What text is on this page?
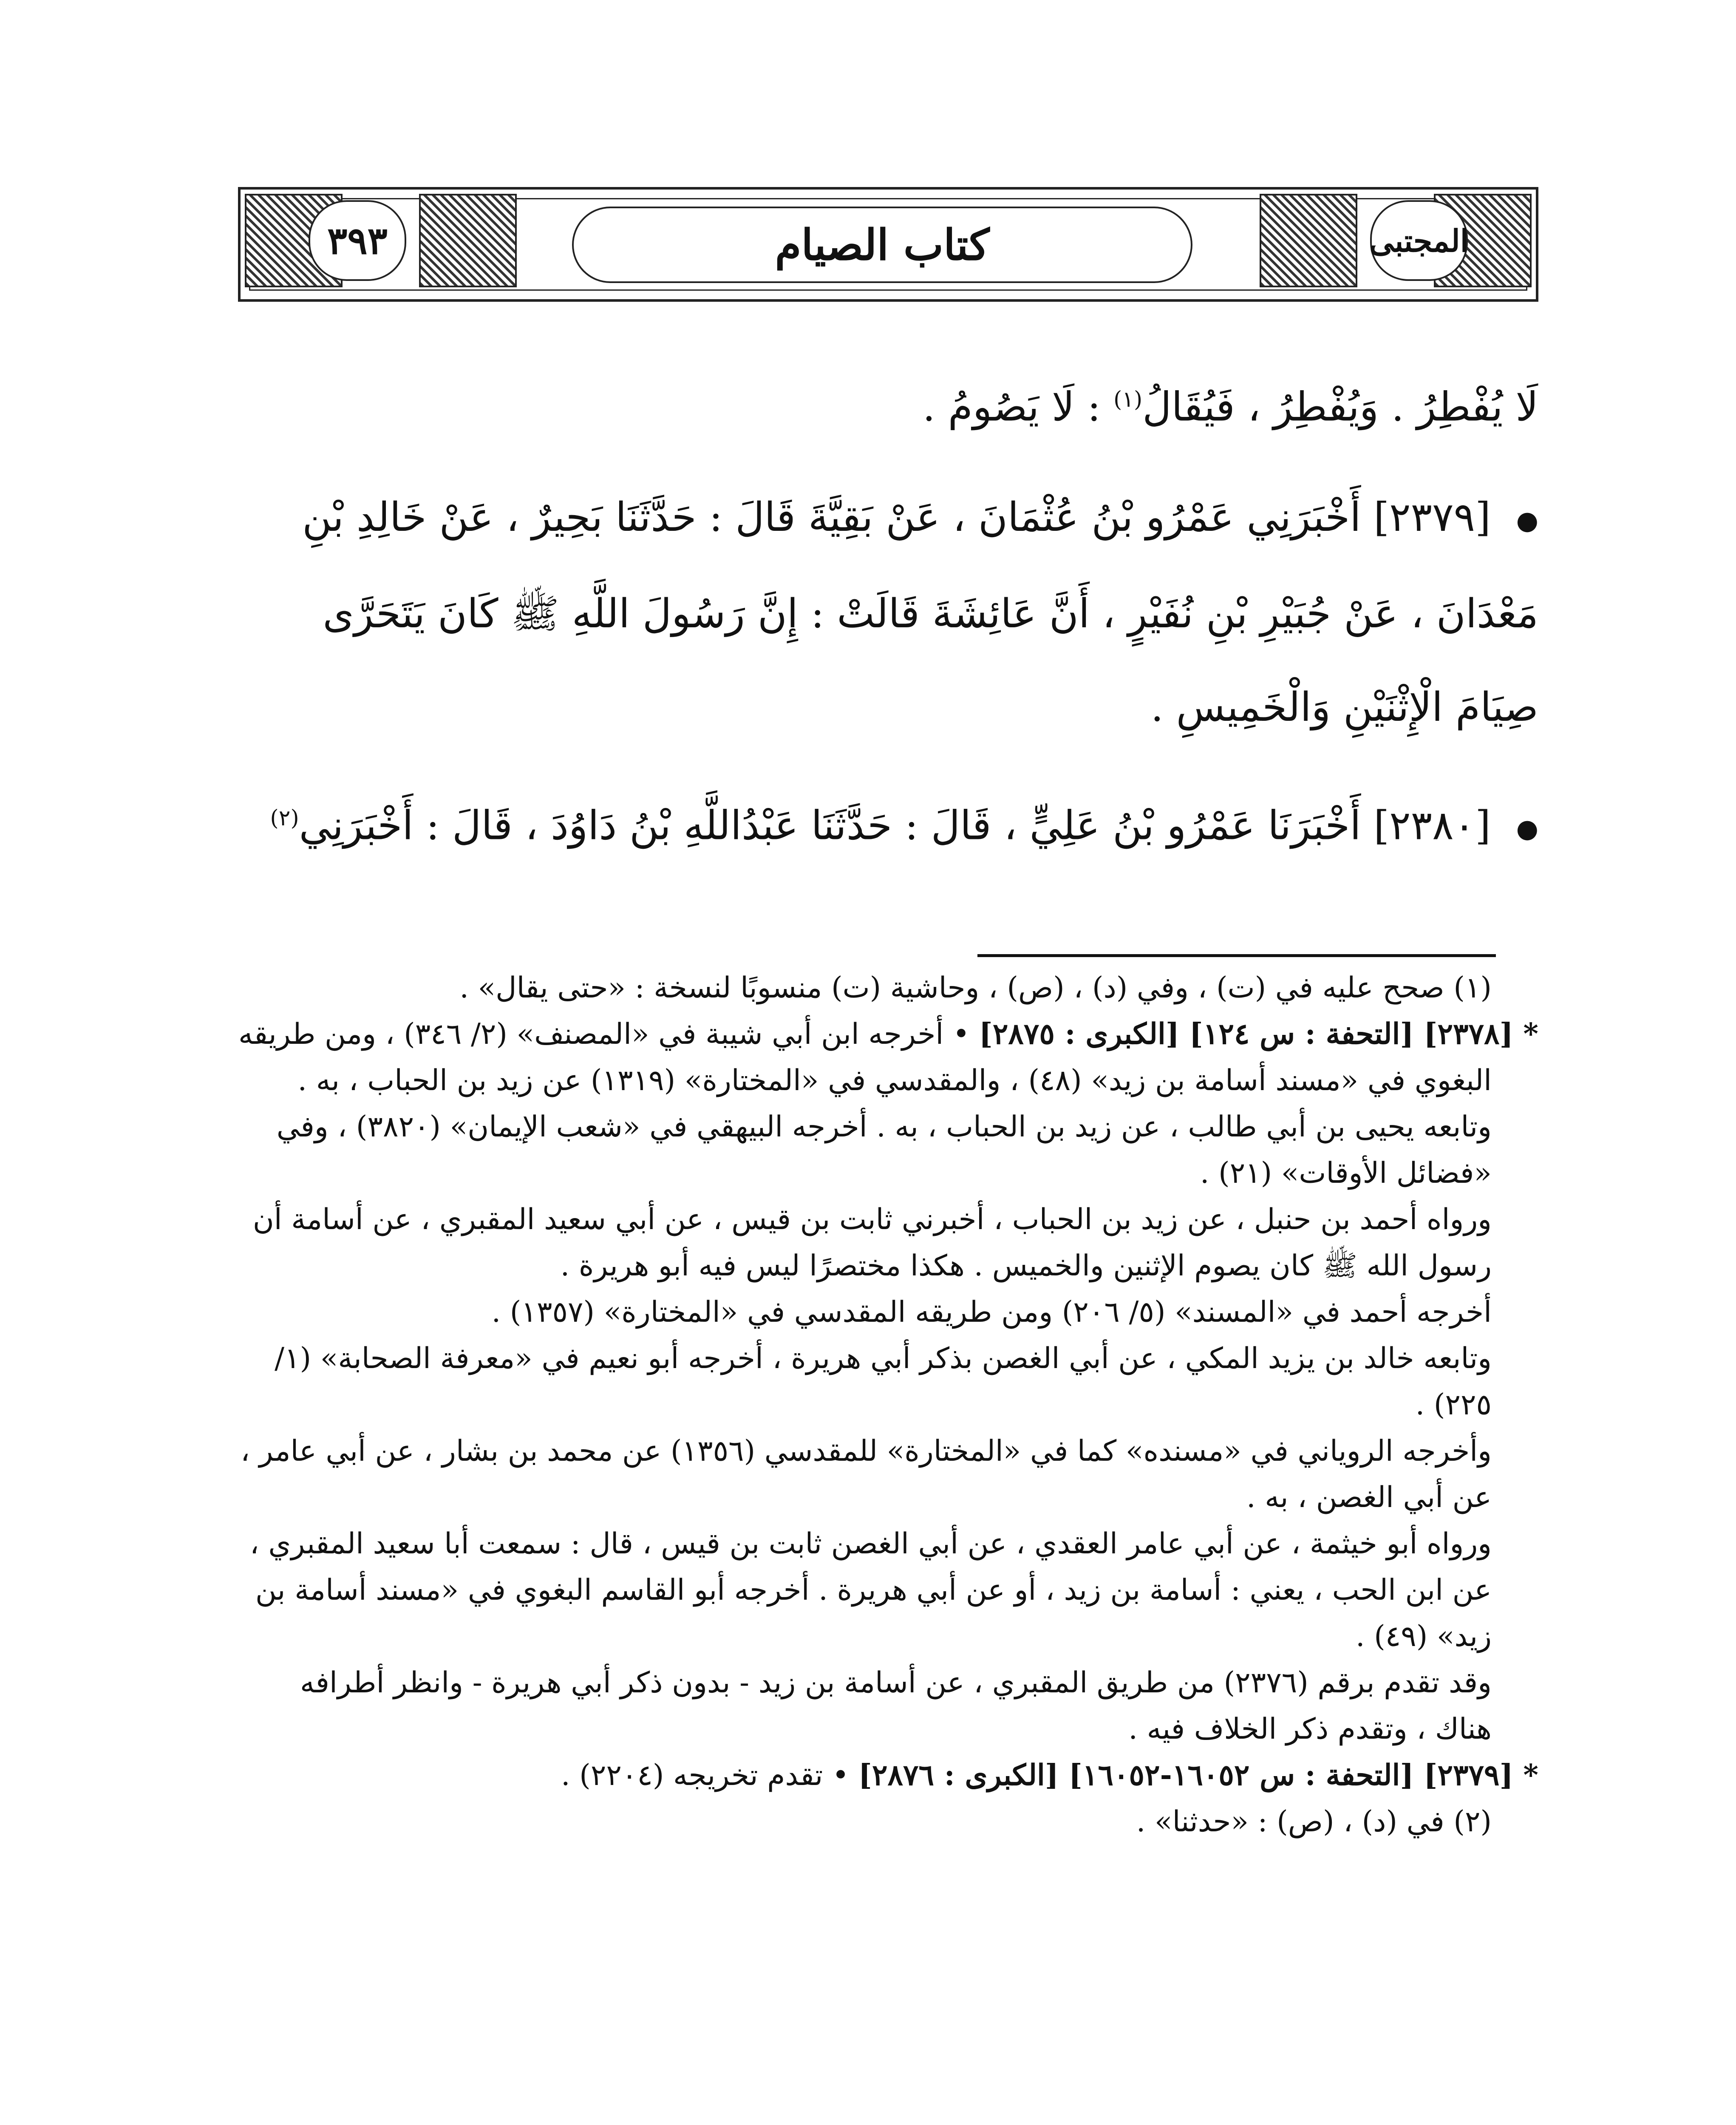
٣٩٣	المجتبى
كتاب الصيام

لَا يُفْطِرُ . وَيُفْطِرُ ، فَيُقَالُ$^{(١)}$ : لَا يَصُومُ .

● [٢٣٧٩] أَخْبَرَنِي عَمْرُو بْنُ عُثْمَانَ ، عَنْ بَقِيَّةَ قَالَ : حَدَّثَنَا بَحِيرٌ ، عَنْ خَالِدِ بْنِ مَعْدَانَ ، عَنْ جُبَيْرِ بْنِ نُفَيْرٍ ، أَنَّ عَائِشَةَ قَالَتْ : إِنَّ رَسُولَ اللَّهِ ﷺ كَانَ يَتَحَرَّى صِيَامَ الْإِثْنَيْنِ وَالْخَمِيسِ .

● [٢٣٨٠] أَخْبَرَنَا عَمْرُو بْنُ عَلِيٍّ ، قَالَ : حَدَّثَنَا عَبْدُاللَّهِ بْنُ دَاوُدَ ، قَالَ : أَخْبَرَنِي$^{(٢)}$

(١) صحح عليه في (ت) ، وفي (د) ، (ص) ، وحاشية (ت) منسوبًا لنسخة : «حتى يقال» .

* [٢٣٧٨] [التحفة : س ١٢٤] [الكبرى : ٢٨٧٥] • أخرجه ابن أبي شيبة في «المصنف» (٢/ ٣٤٦) ، ومن طريقه البغوي في «مسند أسامة بن زيد» (٤٨) ، والمقدسي في «المختارة» (١٣١٩) عن زيد بن الحباب ، به .

وتابعه يحيى بن أبي طالب ، عن زيد بن الحباب ، به . أخرجه البيهقي في «شعب الإيمان» (٣٨٢٠) ، وفي «فضائل الأوقات» (٢١) .

ورواه أحمد بن حنبل ، عن زيد بن الحباب ، أخبرني ثابت بن قيس ، عن أبي سعيد المقبري ، عن أسامة أن رسول الله ﷺ كان يصوم الإثنين والخميس . هكذا مختصرًا ليس فيه أبو هريرة .

أخرجه أحمد في «المسند» (٥/ ٢٠٦) ومن طريقه المقدسي في «المختارة» (١٣٥٧) .

وتابعه خالد بن يزيد المكي ، عن أبي الغصن بذكر أبي هريرة ، أخرجه أبو نعيم في «معرفة الصحابة» (١/ ٢٢٥) .

وأخرجه الروياني في «مسنده» كما في «المختارة» للمقدسي (١٣٥٦) عن محمد بن بشار ، عن أبي عامر ، عن أبي الغصن ، به .

ورواه أبو خيثمة ، عن أبي عامر العقدي ، عن أبي الغصن ثابت بن قيس ، قال : سمعت أبا سعيد المقبري ، عن ابن الحب ، يعني : أسامة بن زيد ، أو عن أبي هريرة . أخرجه أبو القاسم البغوي في «مسند أسامة بن زيد» (٤٩) .

وقد تقدم برقم (٢٣٧٦) من طريق المقبري ، عن أسامة بن زيد - بدون ذكر أبي هريرة - وانظر أطرافه هناك ، وتقدم ذكر الخلاف فيه .

* [٢٣٧٩] [التحفة : س ١٦٠٥٢-١٦٠٥٢] [الكبرى : ٢٨٧٦] • تقدم تخريجه (٢٢٠٤) .

(٢) في (د) ، (ص) : «حدثنا» .
